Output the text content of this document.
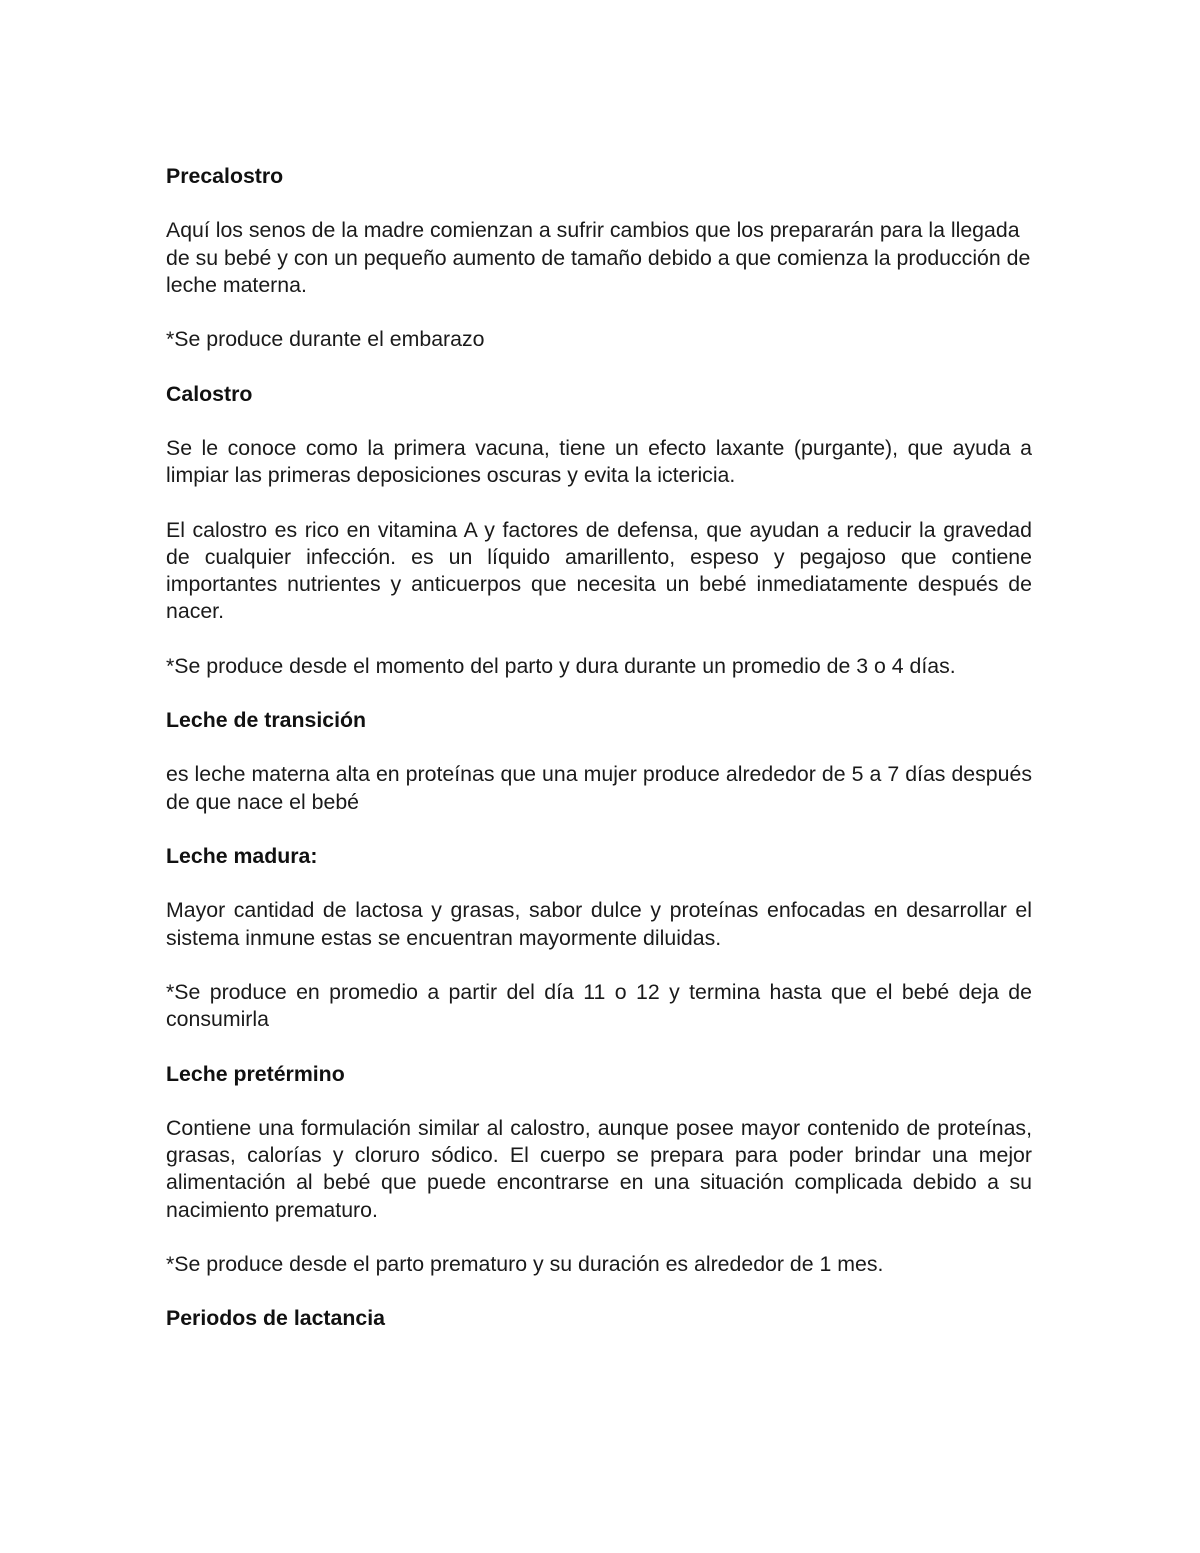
Precalostro

Aquí los senos de la madre comienzan a sufrir cambios que los prepararán para la llegada de su bebé y con un pequeño aumento de tamaño debido a que comienza la producción de leche materna.

*Se produce durante el embarazo

Calostro

Se le conoce como la primera vacuna, tiene un efecto laxante (purgante), que ayuda a limpiar las primeras deposiciones oscuras y evita la ictericia.

El calostro es rico en vitamina A y factores de defensa, que ayudan a reducir la gravedad de cualquier infección. es un líquido amarillento, espeso y pegajoso que contiene importantes nutrientes y anticuerpos que necesita un bebé inmediatamente después de nacer.

*Se produce desde el momento del parto y dura durante un promedio de 3 o 4 días.

Leche de transición

es leche materna alta en proteínas que una mujer produce alrededor de 5 a 7 días después de que nace el bebé

Leche madura:

Mayor cantidad de lactosa y grasas, sabor dulce y proteínas enfocadas en desarrollar el sistema inmune estas se encuentran mayormente diluidas.

*Se produce en promedio a partir del día 11 o 12 y termina hasta que el bebé deja de consumirla

Leche pretérmino

Contiene una formulación similar al calostro, aunque posee mayor contenido de proteínas, grasas, calorías y cloruro sódico. El cuerpo se prepara para poder brindar una mejor alimentación al bebé que puede encontrarse en una situación complicada debido a su nacimiento prematuro.

*Se produce desde el parto prematuro y su duración es alrededor de 1 mes.

Periodos de lactancia
